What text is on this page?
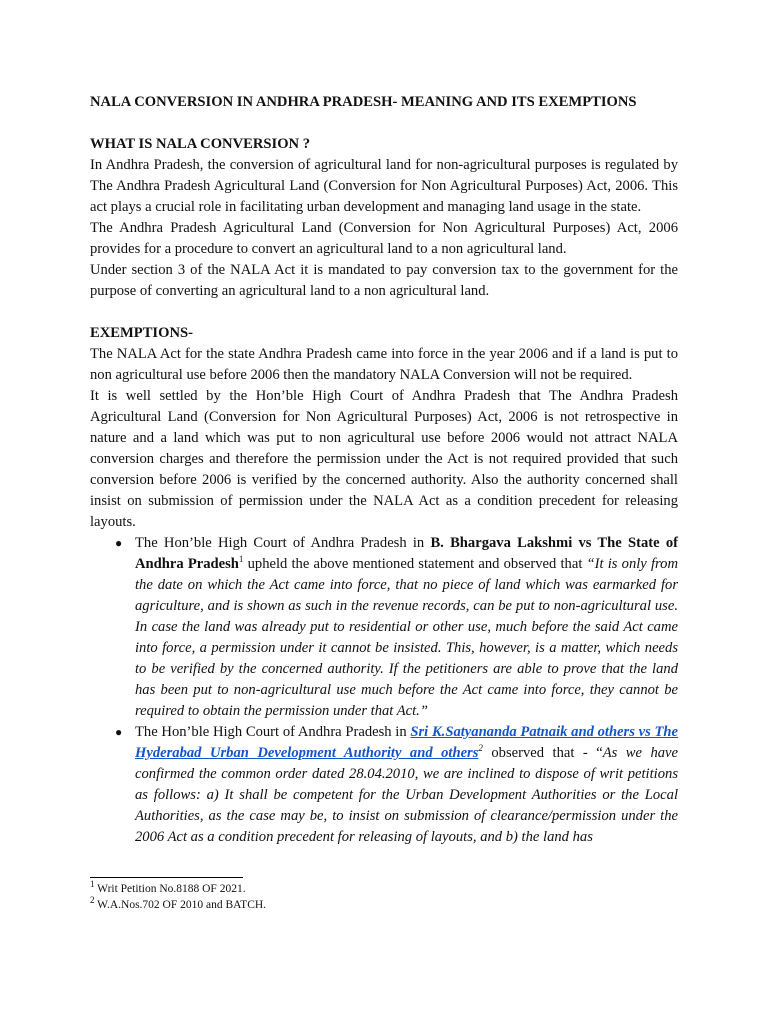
NALA CONVERSION IN ANDHRA PRADESH- MEANING AND ITS EXEMPTIONS

WHAT IS NALA CONVERSION ?

In Andhra Pradesh, the conversion of agricultural land for non-agricultural purposes is regulated by The Andhra Pradesh Agricultural Land (Conversion for Non Agricultural Purposes) Act, 2006. This act plays a crucial role in facilitating urban development and managing land usage in the state.

The Andhra Pradesh Agricultural Land (Conversion for Non Agricultural Purposes) Act, 2006 provides for a procedure to convert an agricultural land to a non agricultural land.

Under section 3 of the NALA Act it is mandated to pay conversion tax to the government for the purpose of converting an agricultural land to a non agricultural land.

EXEMPTIONS-

The NALA Act for the state Andhra Pradesh came into force in the year 2006 and if a land is put to non agricultural use before 2006 then the mandatory NALA Conversion will not be required.

It is well settled by the Hon’ble High Court of Andhra Pradesh that The Andhra Pradesh Agricultural Land (Conversion for Non Agricultural Purposes) Act, 2006 is not retrospective in nature and a land which was put to non agricultural use before 2006 would not attract NALA conversion charges and therefore the permission under the Act is not required provided that such conversion before 2006 is verified by the concerned authority. Also the authority concerned shall insist on submission of permission under the NALA Act as a condition precedent for releasing layouts.

● The Hon’ble High Court of Andhra Pradesh in B. Bhargava Lakshmi vs The State of Andhra Pradesh$^1$ upheld the above mentioned statement and observed that “It is only from the date on which the Act came into force, that no piece of land which was earmarked for agriculture, and is shown as such in the revenue records, can be put to non-agricultural use. In case the land was already put to residential or other use, much before the said Act came into force, a permission under it cannot be insisted. This, however, is a matter, which needs to be verified by the concerned authority. If the petitioners are able to prove that the land has been put to non-agricultural use much before the Act came into force, they cannot be required to obtain the permission under that Act.”
● The Hon’ble High Court of Andhra Pradesh in Sri K.Satyananda Patnaik and others vs The Hyderabad Urban Development Authority and others$^2$ observed that - “As we have confirmed the common order dated 28.04.2010, we are inclined to dispose of writ petitions as follows: a) It shall be competent for the Urban Development Authorities or the Local Authorities, as the case may be, to insist on submission of clearance/permission under the 2006 Act as a condition precedent for releasing of layouts, and b) the land has
$^1$ Writ Petition No.8188 OF 2021.
$^2$ W.A.Nos.702 OF 2010 and BATCH.
